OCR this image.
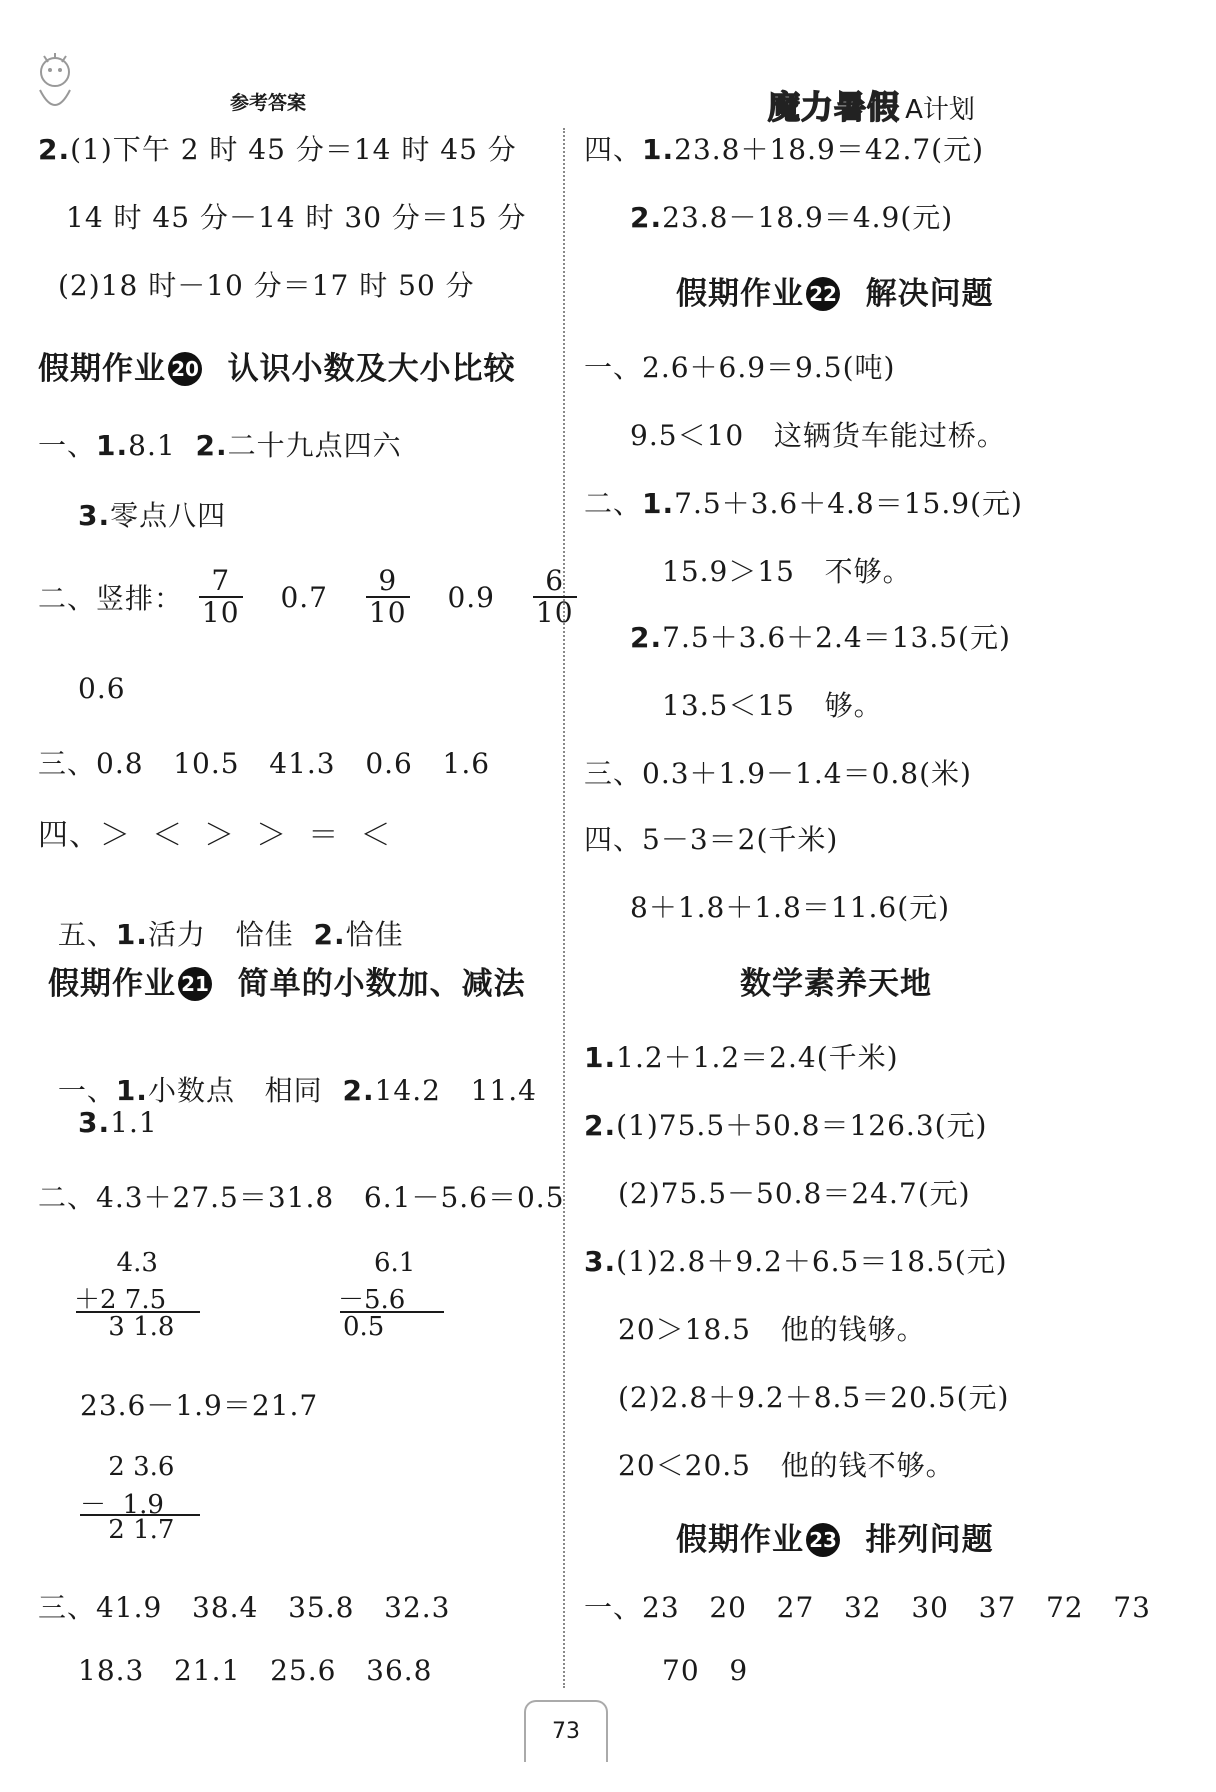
参考答案	魔力暑假 A计划
2.(1)下午 2 时 45 分＝14 时 45 分
14 时 45 分－14 时 30 分＝15 分
(2)18 时－10 分＝17 时 50 分
假期作业 20 认识小数及大小比较
一、1.8.1 2.二十九点四六
3.零点八四
二、竖排： $\frac{7}{10} 0.7 \frac{9}{10} 0.9 \frac{6}{10}$
0.6
三、0.8   10.5   41.3   0.6   1.6
四、＞  ＜  ＞  ＞  ＝  ＜

五、1.活力   恰佳 2.恰佳

假期作业 21 简单的小数加、减法

一、1.小数点   相同 2.14.2   11.4

3.1.1
二、4.3＋27.5＝31.8   6.1－5.6＝0.5
4.3
＋2 7.5
3 1.8
6.1
－5.6
0.5
23.6－1.9＝21.7
2 3.6
－  1.9
2 1.7
三、41.9   38.4   35.8   32.3
18.3   21.1   25.6   36.8
四、1.23.8＋18.9＝42.7(元)
2.23.8－18.9＝4.9(元)
假期作业 22 解决问题
一、2.6＋6.9＝9.5(吨)
9.5＜10   这辆货车能过桥。
二、1.7.5＋3.6＋4.8＝15.9(元)
15.9＞15   不够。
2.7.5＋3.6＋2.4＝13.5(元)
13.5＜15   够。
三、0.3＋1.9－1.4＝0.8(米)
四、5－3＝2(千米)
8＋1.8＋1.8＝11.6(元)
数学素养天地
1.1.2＋1.2＝2.4(千米)
2.(1)75.5＋50.8＝126.3(元)
(2)75.5－50.8＝24.7(元)
3.(1)2.8＋9.2＋6.5＝18.5(元)
20＞18.5   他的钱够。
(2)2.8＋9.2＋8.5＝20.5(元)
20＜20.5   他的钱不够。
假期作业 23 排列问题
一、23   20   27   32   30   37   72   73
70   9
73
